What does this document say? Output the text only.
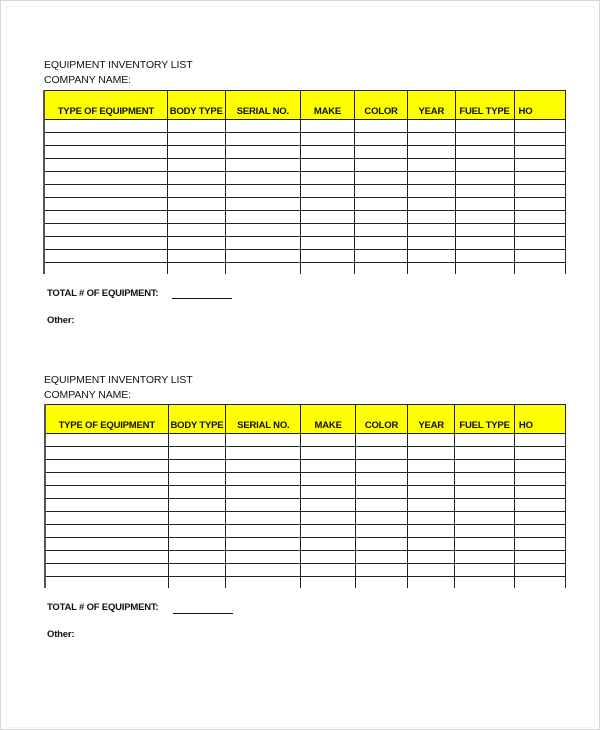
EQUIPMENT INVENTORY LIST
COMPANY NAME:
TYPE OF EQUIPMENT	BODY TYPE	SERIAL NO.	MAKE	COLOR	YEAR	FUEL TYPE	HO

TOTAL # OF EQUIPMENT:
Other:
EQUIPMENT INVENTORY LIST
COMPANY NAME:
TYPE OF EQUIPMENT	BODY TYPE	SERIAL NO.	MAKE	COLOR	YEAR	FUEL TYPE	HO

TOTAL # OF EQUIPMENT:
Other:
